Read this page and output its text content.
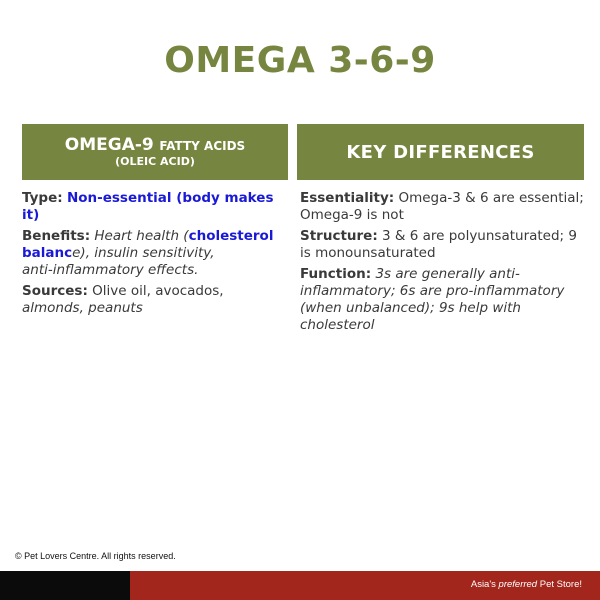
OMEGA 3-6-9
OMEGA-9 FATTY ACIDS
(OLEIC ACID)	KEY DIFFERENCES
Type: Non-essential (body makes it)
Benefits: Heart health (cholesterol
balance), insulin sensitivity,
anti-inflammatory effects.
Sources: Olive oil, avocados,
almonds, peanuts
Essentiality: Omega-3 & 6 are essential; Omega-9 is not
Structure: 3 & 6 are polyunsaturated; 9 is monounsaturated
Function: 3s are generally anti-inflammatory; 6s are pro-inflammatory (when unbalanced); 9s help with cholesterol
© Pet Lovers Centre. All rights reserved.
Asia's preferred Pet Store!
